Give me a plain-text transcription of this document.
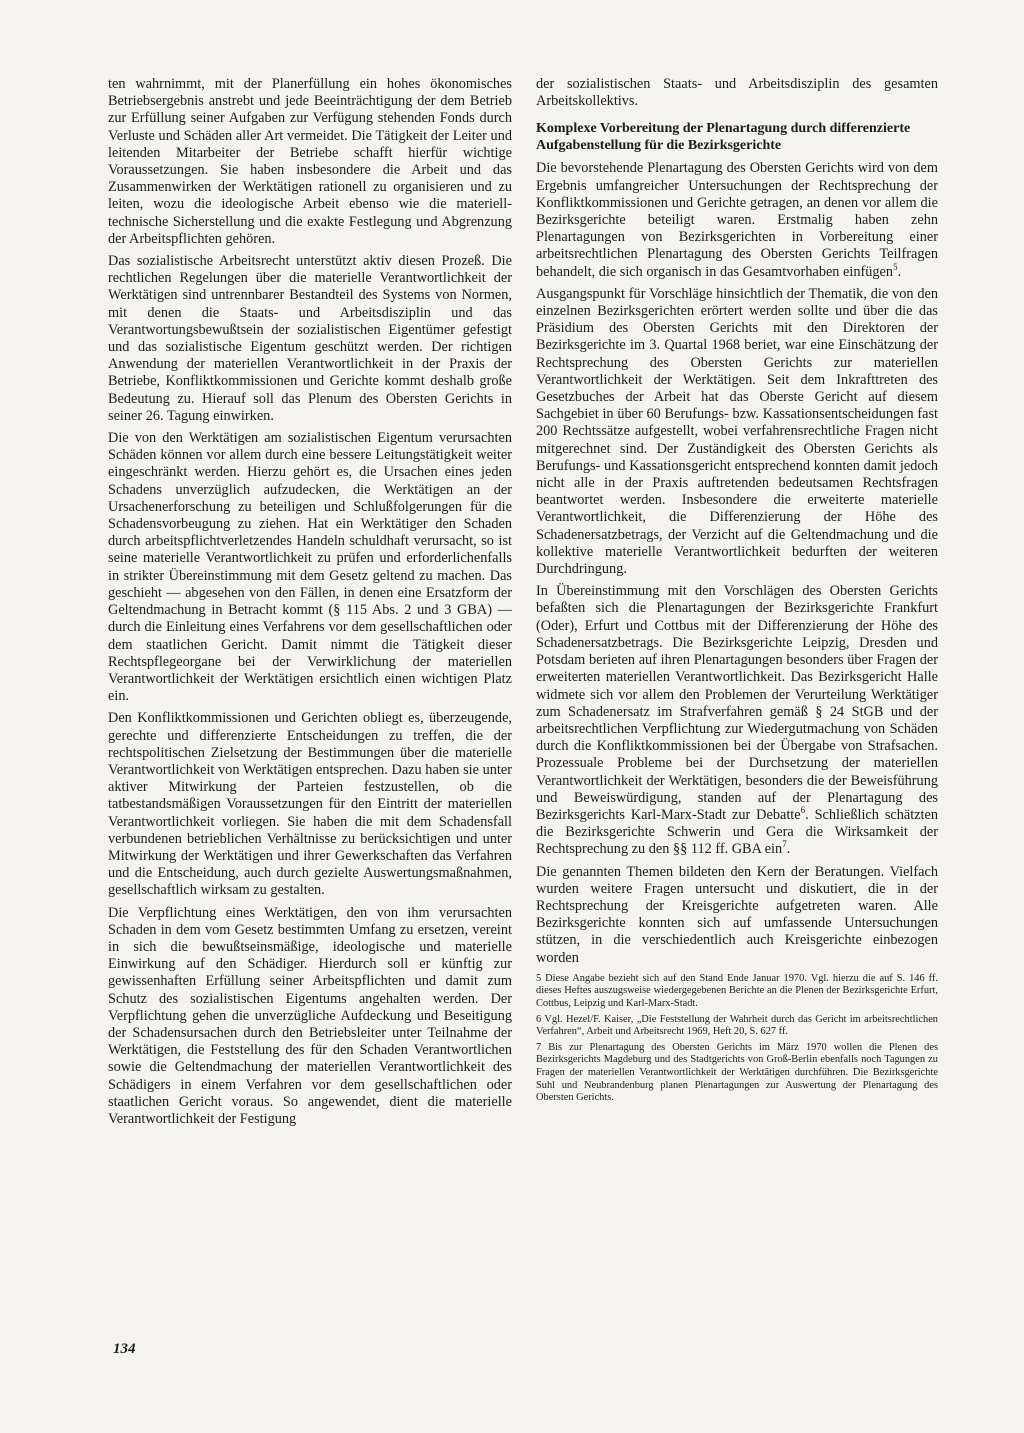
ten wahrnimmt, mit der Planerfüllung ein hohes ökonomisches Betriebsergebnis anstrebt und jede Beeinträchtigung der dem Betrieb zur Erfüllung seiner Aufgaben zur Verfügung stehenden Fonds durch Verluste und Schäden aller Art vermeidet. Die Tätigkeit der Leiter und leitenden Mitarbeiter der Betriebe schafft hierfür wichtige Voraussetzungen. Sie haben insbesondere die Arbeit und das Zusammenwirken der Werktätigen rationell zu organisieren und zu leiten, wozu die ideologische Arbeit ebenso wie die materiell-technische Sicherstellung und die exakte Festlegung und Abgrenzung der Arbeitspflichten gehören.

Das sozialistische Arbeitsrecht unterstützt aktiv diesen Prozeß. Die rechtlichen Regelungen über die materielle Verantwortlichkeit der Werktätigen sind untrennbarer Bestandteil des Systems von Normen, mit denen die Staats- und Arbeitsdisziplin und das Verantwortungsbewußtsein der sozialistischen Eigentümer gefestigt und das sozialistische Eigentum geschützt werden. Der richtigen Anwendung der materiellen Verantwortlichkeit in der Praxis der Betriebe, Konfliktkommissionen und Gerichte kommt deshalb große Bedeutung zu. Hierauf soll das Plenum des Obersten Gerichts in seiner 26. Tagung einwirken.

Die von den Werktätigen am sozialistischen Eigentum verursachten Schäden können vor allem durch eine bessere Leitungstätigkeit weiter eingeschränkt werden. Hierzu gehört es, die Ursachen eines jeden Schadens unverzüglich aufzudecken, die Werktätigen an der Ursachenerforschung zu beteiligen und Schlußfolgerungen für die Schadensvorbeugung zu ziehen. Hat ein Werktätiger den Schaden durch arbeitspflichtverletzendes Handeln schuldhaft verursacht, so ist seine materielle Verantwortlichkeit zu prüfen und erforderlichenfalls in strikter Übereinstimmung mit dem Gesetz geltend zu machen. Das geschieht — abgesehen von den Fällen, in denen eine Ersatzform der Geltendmachung in Betracht kommt (§ 115 Abs. 2 und 3 GBA) — durch die Einleitung eines Verfahrens vor dem gesellschaftlichen oder dem staatlichen Gericht. Damit nimmt die Tätigkeit dieser Rechtspflegeorgane bei der Verwirklichung der materiellen Verantwortlichkeit der Werktätigen ersichtlich einen wichtigen Platz ein.

Den Konfliktkommissionen und Gerichten obliegt es, überzeugende, gerechte und differenzierte Entscheidungen zu treffen, die der rechtspolitischen Zielsetzung der Bestimmungen über die materielle Verantwortlichkeit von Werktätigen entsprechen. Dazu haben sie unter aktiver Mitwirkung der Parteien festzustellen, ob die tatbestandsmäßigen Voraussetzungen für den Eintritt der materiellen Verantwortlichkeit vorliegen. Sie haben die mit dem Schadensfall verbundenen betrieblichen Verhältnisse zu berücksichtigen und unter Mitwirkung der Werktätigen und ihrer Gewerkschaften das Verfahren und die Entscheidung, auch durch gezielte Auswertungsmaßnahmen, gesellschaftlich wirksam zu gestalten.

Die Verpflichtung eines Werktätigen, den von ihm verursachten Schaden in dem vom Gesetz bestimmten Umfang zu ersetzen, vereint in sich die bewußtseinsmäßige, ideologische und materielle Einwirkung auf den Schädiger. Hierdurch soll er künftig zur gewissenhaften Erfüllung seiner Arbeitspflichten und damit zum Schutz des sozialistischen Eigentums angehalten werden. Der Verpflichtung gehen die unverzügliche Aufdeckung und Beseitigung der Schadensursachen durch den Betriebsleiter unter Teilnahme der Werktätigen, die Feststellung des für den Schaden Verantwortlichen sowie die Geltendmachung der materiellen Verantwortlichkeit des Schädigers in einem Verfahren vor dem gesellschaftlichen oder staatlichen Gericht voraus. So angewendet, dient die materielle Verantwortlichkeit der Festigung

der sozialistischen Staats- und Arbeitsdisziplin des gesamten Arbeitskollektivs.

Komplexe Vorbereitung der Plenartagung durch differenzierte Aufgabenstellung für die Bezirksgerichte

Die bevorstehende Plenartagung des Obersten Gerichts wird von dem Ergebnis umfangreicher Untersuchungen der Rechtsprechung der Konfliktkommissionen und Gerichte getragen, an denen vor allem die Bezirksgerichte beteiligt waren. Erstmalig haben zehn Plenartagungen von Bezirksgerichten in Vorbereitung einer arbeitsrechtlichen Plenartagung des Obersten Gerichts Teilfragen behandelt, die sich organisch in das Gesamtvorhaben einfügen$^5$.

Ausgangspunkt für Vorschläge hinsichtlich der Thematik, die von den einzelnen Bezirksgerichten erörtert werden sollte und über die das Präsidium des Obersten Gerichts mit den Direktoren der Bezirksgerichte im 3. Quartal 1968 beriet, war eine Einschätzung der Rechtsprechung des Obersten Gerichts zur materiellen Verantwortlichkeit der Werktätigen. Seit dem Inkrafttreten des Gesetzbuches der Arbeit hat das Oberste Gericht auf diesem Sachgebiet in über 60 Berufungs- bzw. Kassationsentscheidungen fast 200 Rechtssätze aufgestellt, wobei verfahrensrechtliche Fragen nicht mitgerechnet sind. Der Zuständigkeit des Obersten Gerichts als Berufungs- und Kassationsgericht entsprechend konnten damit jedoch nicht alle in der Praxis auftretenden bedeutsamen Rechtsfragen beantwortet werden. Insbesondere die erweiterte materielle Verantwortlichkeit, die Differenzierung der Höhe des Schadenersatzbetrags, der Verzicht auf die Geltendmachung und die kollektive materielle Verantwortlichkeit bedurften der weiteren Durchdringung.

In Übereinstimmung mit den Vorschlägen des Obersten Gerichts befaßten sich die Plenartagungen der Bezirksgerichte Frankfurt (Oder), Erfurt und Cottbus mit der Differenzierung der Höhe des Schadenersatzbetrags. Die Bezirksgerichte Leipzig, Dresden und Potsdam berieten auf ihren Plenartagungen besonders über Fragen der erweiterten materiellen Verantwortlichkeit. Das Bezirksgericht Halle widmete sich vor allem den Problemen der Verurteilung Werktätiger zum Schadenersatz im Strafverfahren gemäß § 24 StGB und der arbeitsrechtlichen Verpflichtung zur Wiedergutmachung von Schäden durch die Konfliktkommissionen bei der Übergabe von Strafsachen. Prozessuale Probleme bei der Durchsetzung der materiellen Verantwortlichkeit der Werktätigen, besonders die der Beweisführung und Beweiswürdigung, standen auf der Plenartagung des Bezirksgerichts Karl-Marx-Stadt zur Debatte$^6$. Schließlich schätzten die Bezirksgerichte Schwerin und Gera die Wirksamkeit der Rechtsprechung zu den §§ 112 ff. GBA ein$^7$.

Die genannten Themen bildeten den Kern der Beratungen. Vielfach wurden weitere Fragen untersucht und diskutiert, die in der Rechtsprechung der Kreisgerichte aufgetreten waren. Alle Bezirksgerichte konnten sich auf umfassende Untersuchungen stützen, in die verschiedentlich auch Kreisgerichte einbezogen worden

5 Diese Angabe bezieht sich auf den Stand Ende Januar 1970. Vgl. hierzu die auf S. 146 ff. dieses Heftes auszugsweise wiedergegebenen Berichte an die Plenen der Bezirksgerichte Erfurt, Cottbus, Leipzig und Karl-Marx-Stadt.

6 Vgl. Hezel/F. Kaiser, „Die Feststellung der Wahrheit durch das Gericht im arbeitsrechtlichen Verfahren“, Arbeit und Arbeitsrecht 1969, Heft 20, S. 627 ff.

7 Bis zur Plenartagung des Obersten Gerichts im März 1970 wollen die Plenen des Bezirksgerichts Magdeburg und des Stadtgerichts von Groß-Berlin ebenfalls noch Tagungen zu Fragen der materiellen Verantwortlichkeit der Werktätigen durchführen. Die Bezirksgerichte Suhl und Neubrandenburg planen Plenartagungen zur Auswertung der Plenartagung des Obersten Gerichts.

134
